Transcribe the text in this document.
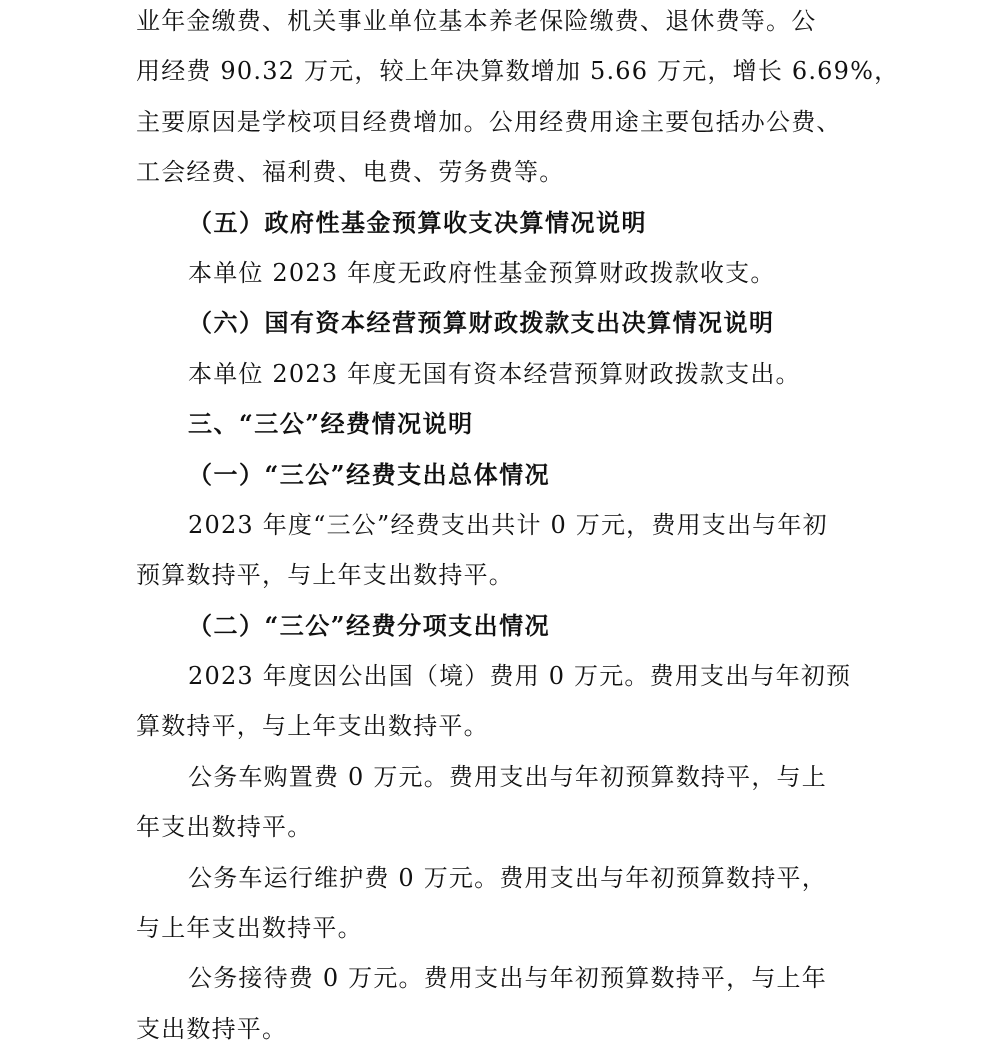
业年金缴费、机关事业单位基本养老保险缴费、退休费等。公
用经费 90.32 万元，较上年决算数增加 5.66 万元，增长 6.69%，
主要原因是学校项目经费增加。公用经费用途主要包括办公费、
工会经费、福利费、电费、劳务费等。
（五）政府性基金预算收支决算情况说明
本单位 2023 年度无政府性基金预算财政拨款收支。
（六）国有资本经营预算财政拨款支出决算情况说明
本单位 2023 年度无国有资本经营预算财政拨款支出。
三、“三公”经费情况说明
（一）“三公”经费支出总体情况
2023 年度“三公”经费支出共计 0 万元，费用支出与年初
预算数持平，与上年支出数持平。
（二）“三公”经费分项支出情况
2023 年度因公出国（境）费用 0 万元。费用支出与年初预
算数持平，与上年支出数持平。
公务车购置费 0 万元。费用支出与年初预算数持平，与上
年支出数持平。
公务车运行维护费 0 万元。费用支出与年初预算数持平，
与上年支出数持平。
公务接待费 0 万元。费用支出与年初预算数持平，与上年
支出数持平。
